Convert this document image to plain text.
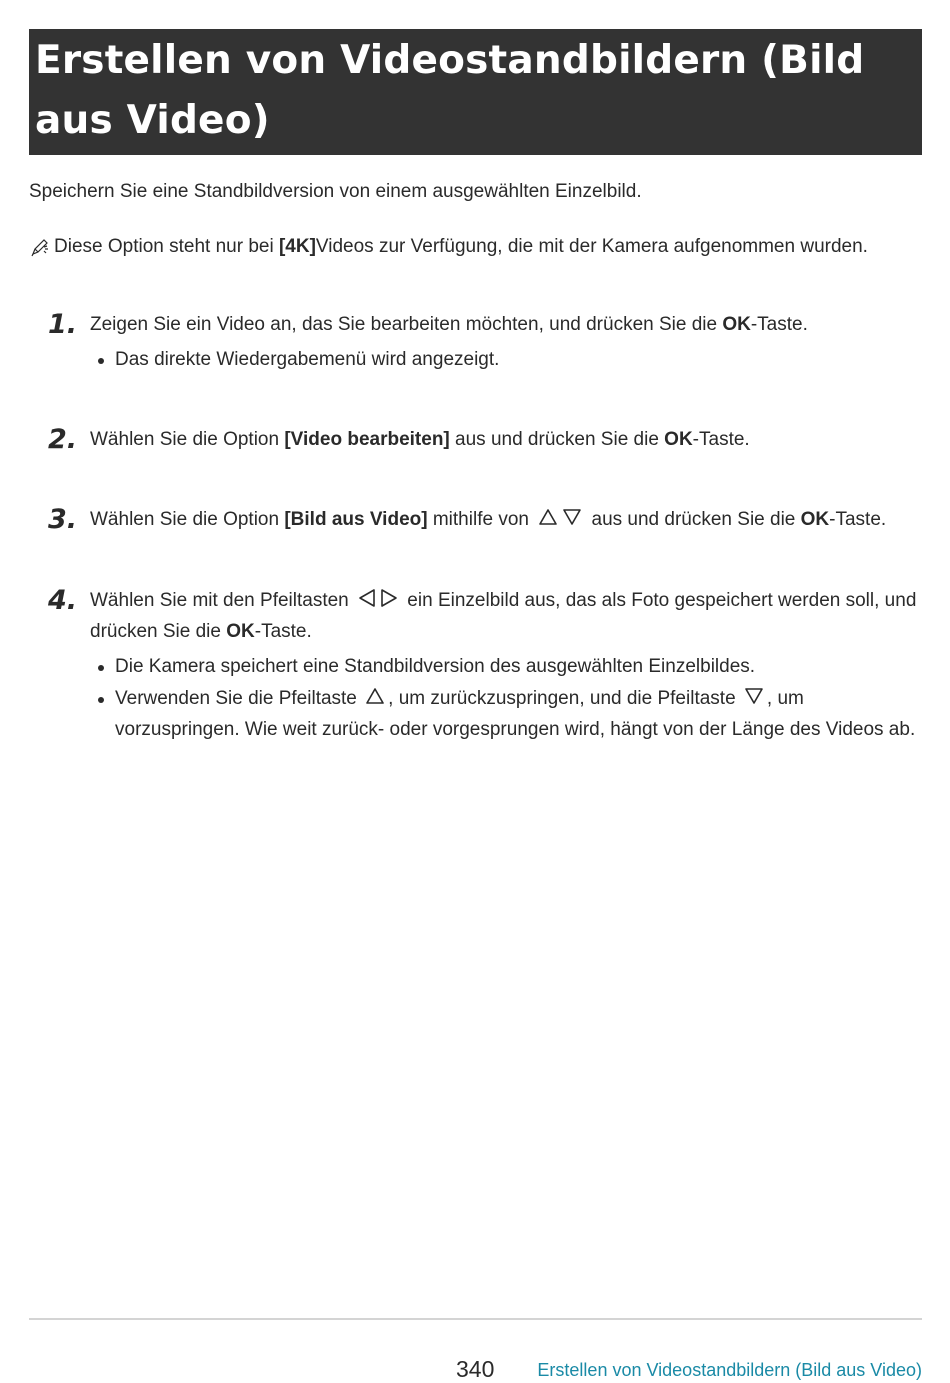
Erstellen von Videostandbildern (Bild aus Video)
Speichern Sie eine Standbildversion von einem ausgewählten Einzelbild.
Diese Option steht nur bei
[4K] Videos zur Verfügung, die mit der Kamera aufgenommen wurden.
1. Zeigen Sie ein Video an, das Sie bearbeiten möchten, und drücken Sie die OK-Taste.

Das direkte Wiedergabemenü wird angezeigt.
2. Wählen Sie die Option [Video bearbeiten] aus und drücken Sie die OK-Taste.

3. Wählen Sie die Option [Bild aus Video] mithilfe von	aus und drücken Sie die OK-Taste.

4. Wählen Sie mit den Pfeiltasten	ein Einzelbild aus, das als Foto gespeichert werden soll, und drücken Sie die OK-Taste.

Die Kamera speichert eine Standbildversion des ausgewählten Einzelbildes.
Verwenden Sie die Pfeiltaste , um zurückzuspringen, und die Pfeiltaste , um vorzuspringen. Wie weit zurück- oder vorgesprungen wird, hängt von der Länge des Videos ab.
340 Erstellen von Videostandbildern (Bild aus Video)
